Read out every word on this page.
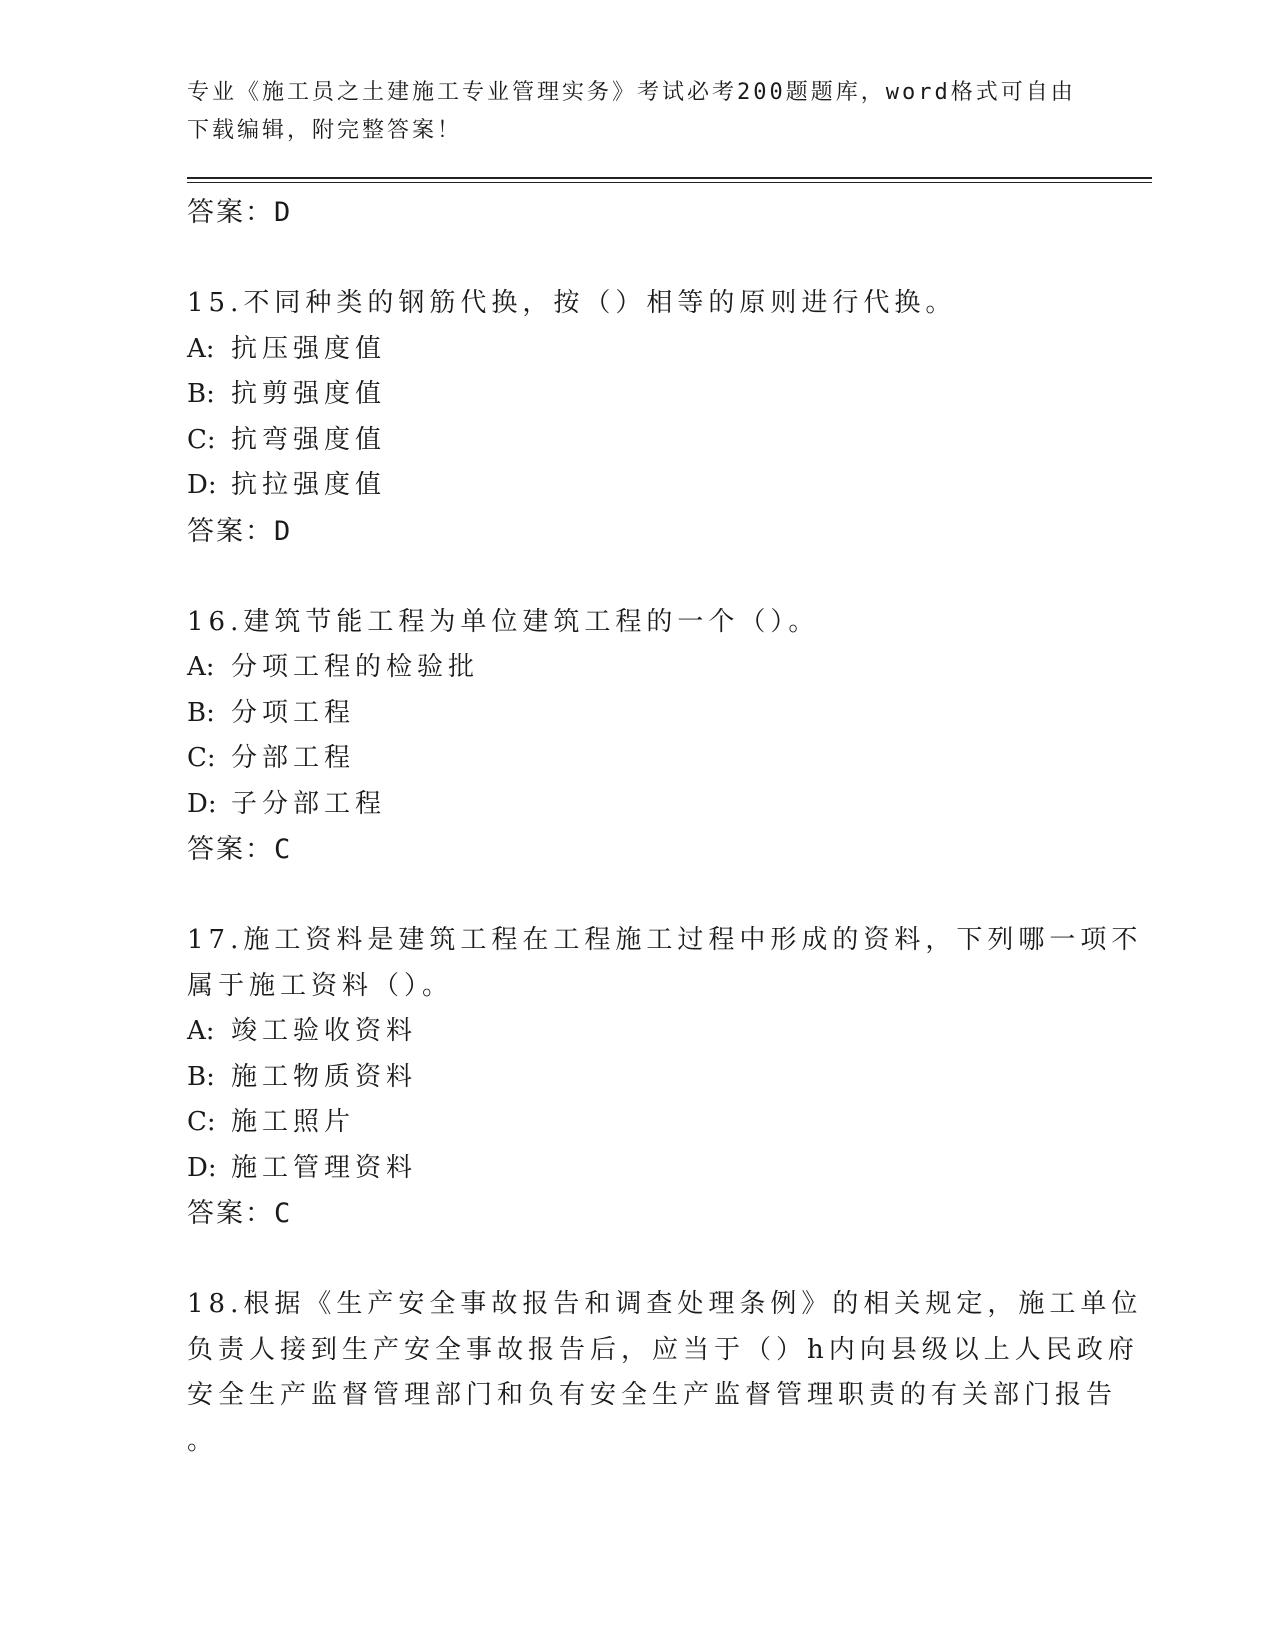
专业《施工员之土建施工专业管理实务》考试必考200题题库，word格式可自由
下载编辑，附完整答案！
答案：D
15.不同种类的钢筋代换，按（）相等的原则进行代换。
A: 抗压强度值
B: 抗剪强度值
C: 抗弯强度值
D: 抗拉强度值
答案：D
16.建筑节能工程为单位建筑工程的一个（）。
A: 分项工程的检验批
B: 分项工程
C: 分部工程
D: 子分部工程
答案：C
17.施工资料是建筑工程在工程施工过程中形成的资料，下列哪一项不
属于施工资料（）。
A: 竣工验收资料
B: 施工物质资料
C: 施工照片
D: 施工管理资料
答案：C
18.根据《生产安全事故报告和调查处理条例》的相关规定，施工单位
负责人接到生产安全事故报告后，应当于（）h内向县级以上人民政府
安全生产监督管理部门和负有安全生产监督管理职责的有关部门报告
。
